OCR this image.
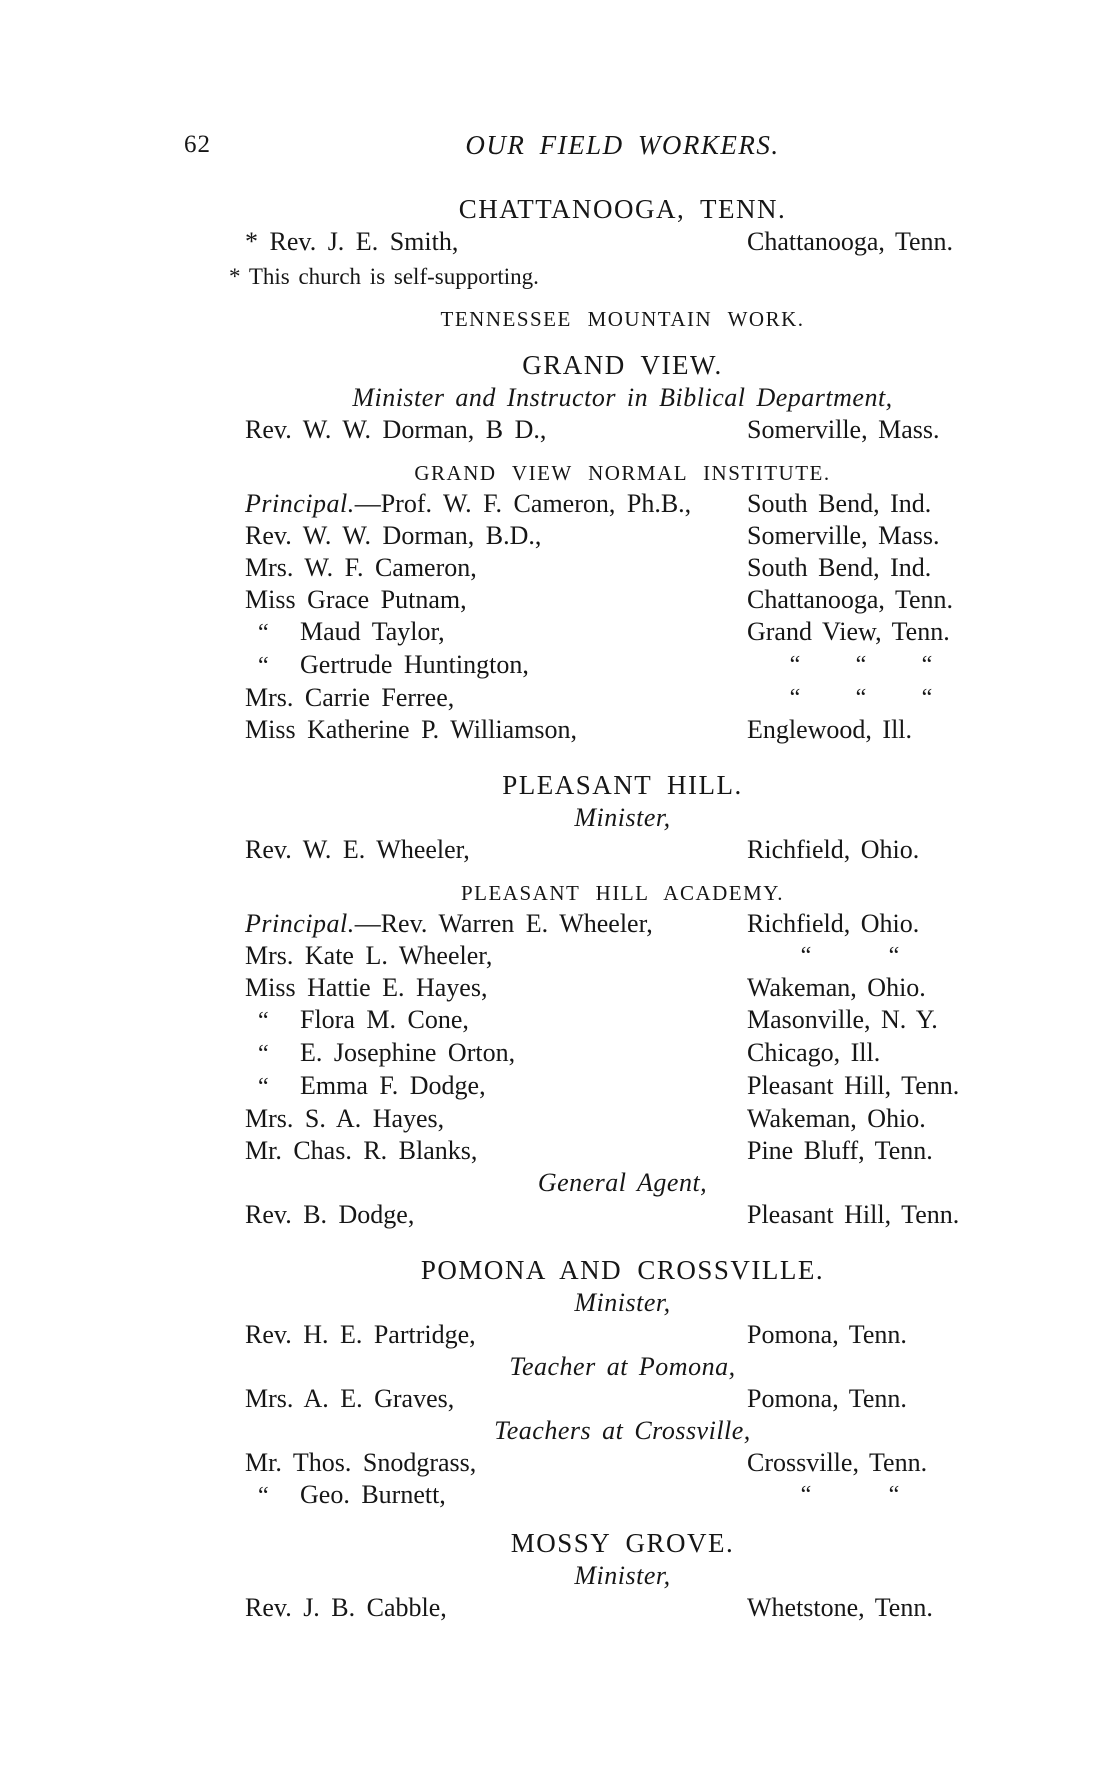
62	OUR FIELD WORKERS.
CHATTANOOGA, TENN.
* Rev. J. E. Smith,	Chattanooga, Tenn.
* This church is self-supporting.
TENNESSEE MOUNTAIN WORK.
GRAND VIEW.
Minister and Instructor in Biblical Department,
Rev. W. W. Dorman, B D.,	Somerville, Mass.
GRAND VIEW NORMAL INSTITUTE.
Principal.—Prof. W. F. Cameron, Ph.B.,	South Bend, Ind.
Rev. W. W. Dorman, B.D.,	Somerville, Mass.
Mrs. W. F. Cameron,	South Bend, Ind.
Miss Grace Putnam,	Chattanooga, Tenn.
“ Maud Taylor,	Grand View, Tenn.
“ Gertrude Huntington,	“	“	“
Mrs. Carrie Ferree,	“	“	“
Miss Katherine P. Williamson,	Englewood, Ill.
PLEASANT HILL.
Minister,
Rev. W. E. Wheeler,	Richfield, Ohio.
PLEASANT HILL ACADEMY.
Principal.—Rev. Warren E. Wheeler,	Richfield, Ohio.
Mrs. Kate L. Wheeler,	“	“
Miss Hattie E. Hayes,	Wakeman, Ohio.
“ Flora M. Cone,	Masonville, N. Y.
“ E. Josephine Orton,	Chicago, Ill.
“ Emma F. Dodge,	Pleasant Hill, Tenn.
Mrs. S. A. Hayes,	Wakeman, Ohio.
Mr. Chas. R. Blanks,	Pine Bluff, Tenn.
General Agent,
Rev. B. Dodge,	Pleasant Hill, Tenn.
POMONA AND CROSSVILLE.
Minister,
Rev. H. E. Partridge,	Pomona, Tenn.
Teacher at Pomona,
Mrs. A. E. Graves,	Pomona, Tenn.
Teachers at Crossville,
Mr. Thos. Snodgrass,	Crossville, Tenn.
“ Geo. Burnett,	“	“
MOSSY GROVE.
Minister,
Rev. J. B. Cabble,	Whetstone, Tenn.
